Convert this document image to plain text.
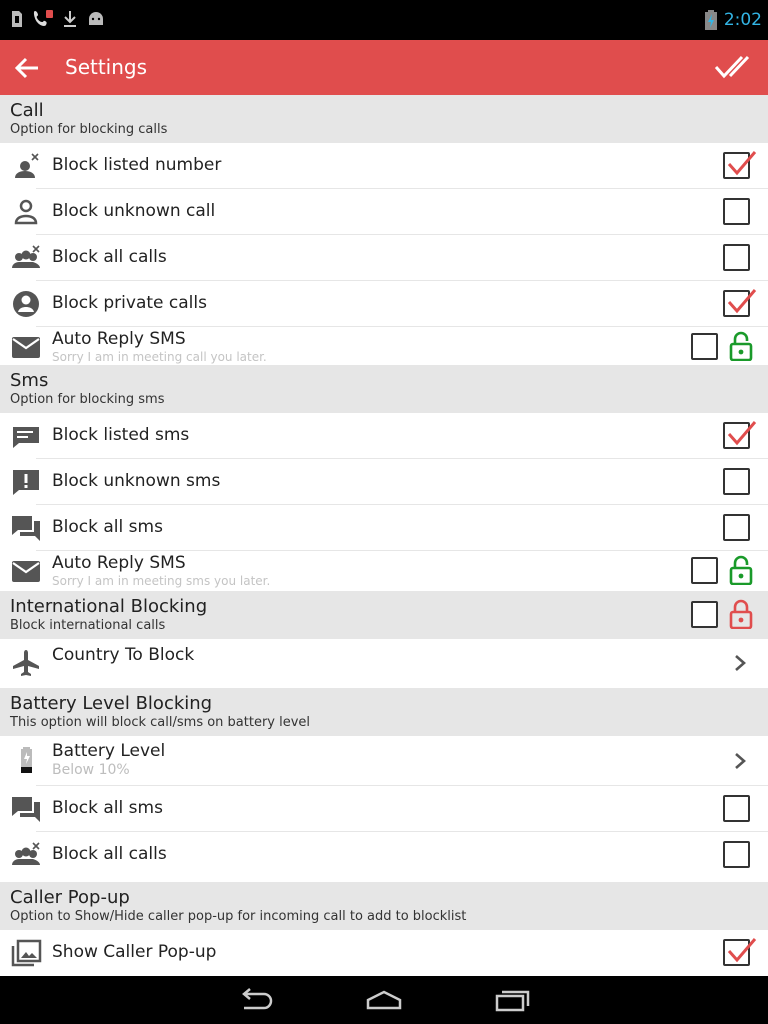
2:02
Settings
Call
Option for blocking calls
Block listed number
Block unknown call
Block all calls
Block private calls
Auto Reply SMS
Sorry I am in meeting call you later.
Sms
Option for blocking sms
Block listed sms
Block unknown sms
Block all sms
Auto Reply SMS
Sorry I am in meeting sms you later.
International Blocking
Block international calls
Country To Block
Battery Level Blocking
This option will block call/sms on battery level
Battery Level
Below 10%
Block all sms
Block all calls
Caller Pop-up
Option to Show/Hide caller pop-up for incoming call to add to blocklist
Show Caller Pop-up
